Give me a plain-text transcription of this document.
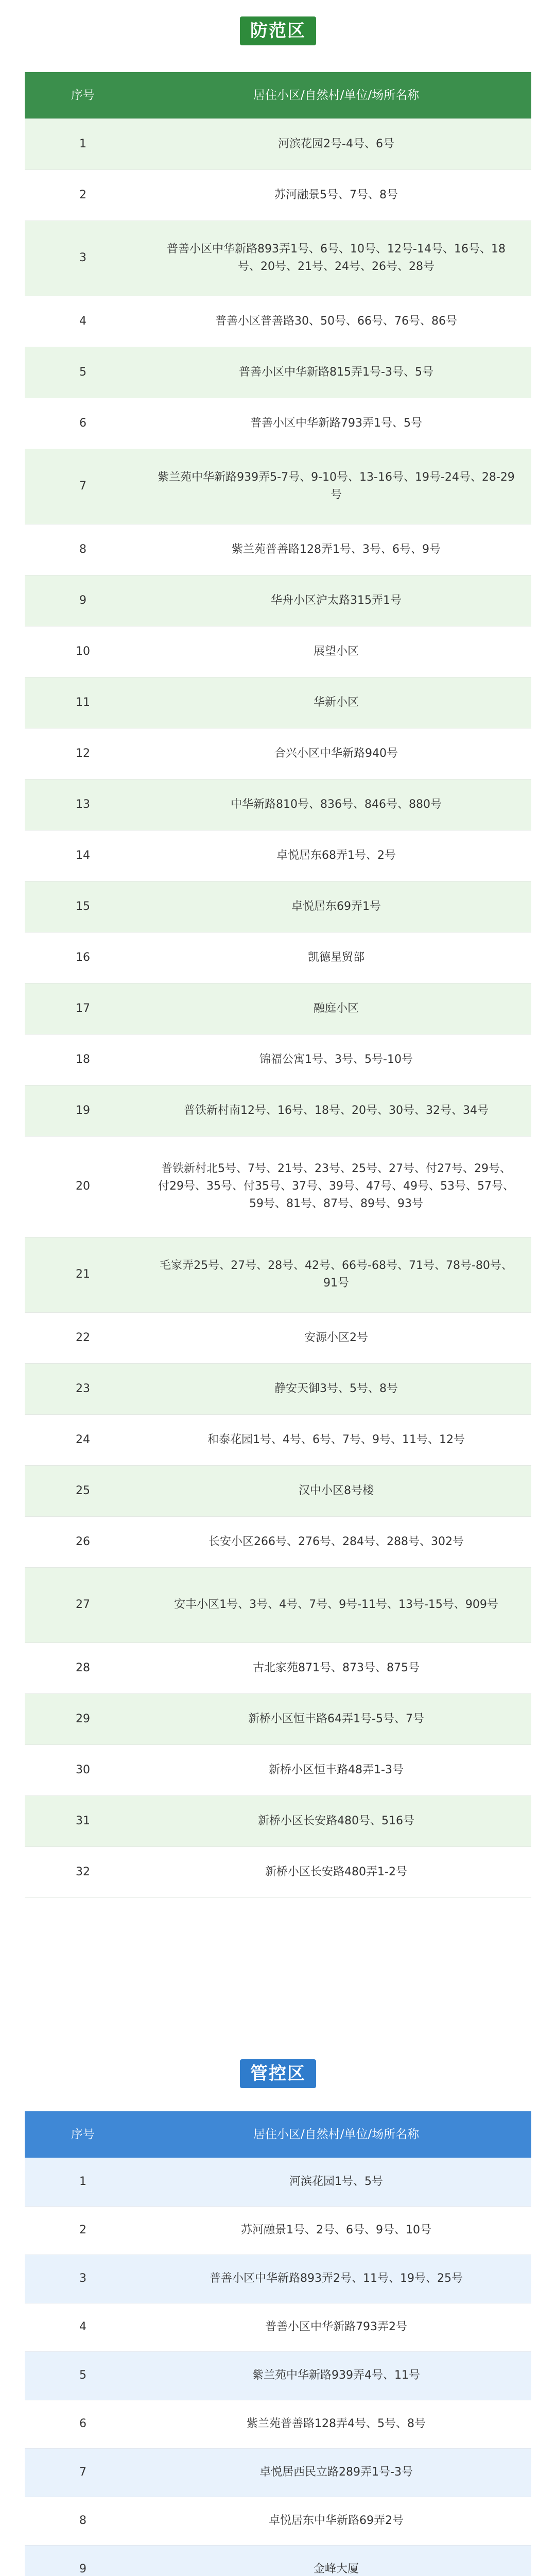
防范区
序号	居住小区/自然村/单位/场所名称
1	河滨花园2号-4号、6号
2	苏河融景5号、7号、8号
3	普善小区中华新路893弄1号、6号、10号、12号-14号、16号、18号、20号、21号、24号、26号、28号
4	普善小区普善路30、50号、66号、76号、86号
5	普善小区中华新路815弄1号-3号、5号
6	普善小区中华新路793弄1号、5号
7	紫兰苑中华新路939弄5-7号、9-10号、13-16号、19号-24号、28-29号
8	紫兰苑普善路128弄1号、3号、6号、9号
9	华舟小区沪太路315弄1号
10	展望小区
11	华新小区
12	合兴小区中华新路940号
13	中华新路810号、836号、846号、880号
14	卓悦居东68弄1号、2号
15	卓悦居东69弄1号
16	凯德星贸部
17	融庭小区
18	锦福公寓1号、3号、5号-10号
19	普铁新村南12号、16号、18号、20号、30号、32号、34号
20	普铁新村北5号、7号、21号、23号、25号、27号、付27号、29号、付29号、35号、付35号、37号、39号、47号、49号、53号、57号、59号、81号、87号、89号、93号
21	毛家弄25号、27号、28号、42号、66号-68号、71号、78号-80号、91号
22	安源小区2号
23	静安天御3号、5号、8号
24	和泰花园1号、4号、6号、7号、9号、11号、12号
25	汉中小区8号楼
26	长安小区266号、276号、284号、288号、302号
27	安丰小区1号、3号、4号、7号、9号-11号、13号-15号、909号
28	古北家苑871号、873号、875号
29	新桥小区恒丰路64弄1号-5号、7号
30	新桥小区恒丰路48弄1-3号
31	新桥小区长安路480号、516号
32	新桥小区长安路480弄1-2号
管控区
序号	居住小区/自然村/单位/场所名称
1	河滨花园1号、5号
2	苏河融景1号、2号、6号、9号、10号
3	普善小区中华新路893弄2号、11号、19号、25号
4	普善小区中华新路793弄2号
5	紫兰苑中华新路939弄4号、11号
6	紫兰苑普善路128弄4号、5号、8号
7	卓悦居西民立路289弄1号-3号
8	卓悦居东中华新路69弄2号
9	金峰大厦
